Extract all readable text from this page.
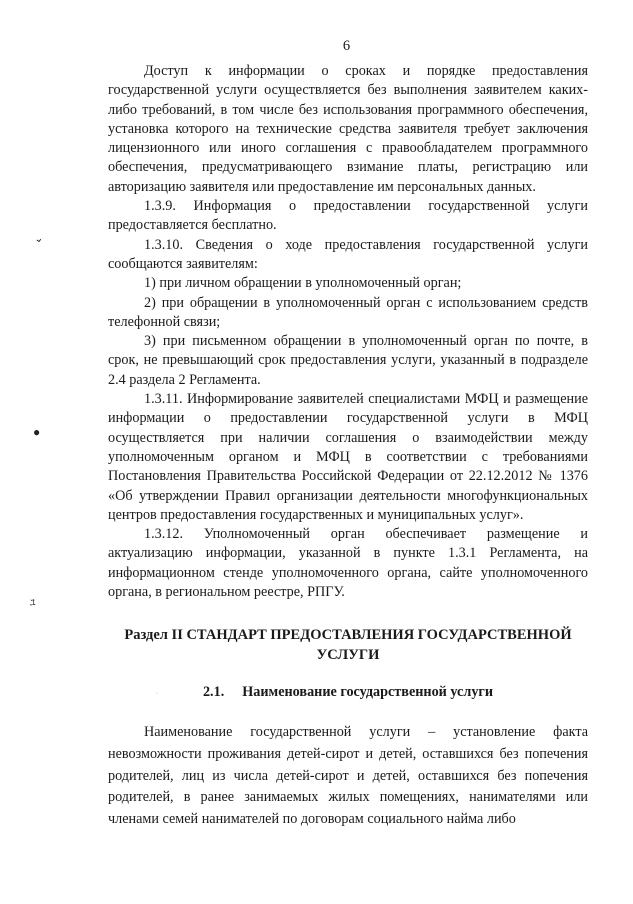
6

Доступ к информации о сроках и порядке предоставления государственной услуги осуществляется без выполнения заявителем каких-либо требований, в том числе без использования программного обеспечения, установка которого на технические средства заявителя требует заключения лицензионного или иного соглашения с правообладателем программного обеспечения, предусматривающего взимание платы, регистрацию или авторизацию заявителя или предоставление им персональных данных.

1.3.9. Информация о предоставлении государственной услуги предоставляется бесплатно.

1.3.10. Сведения о ходе предоставления государственной услуги сообщаются заявителям:

1) при личном обращении в уполномоченный орган;

2) при обращении в уполномоченный орган с использованием средств телефонной связи;

3) при письменном обращении в уполномоченный орган по почте, в срок, не превышающий срок предоставления услуги, указанный в подразделе 2.4 раздела 2 Регламента.

1.3.11. Информирование заявителей специалистами МФЦ и размещение информации о предоставлении государственной услуги в МФЦ осуществляется при наличии соглашения о взаимодействии между уполномоченным органом и МФЦ в соответствии с требованиями Постановления Правительства Российской Федерации от 22.12.2012 № 1376 «Об утверждении Правил организации деятельности многофункциональных центров предоставления государственных и муниципальных услуг».

1.3.12. Уполномоченный орган обеспечивает размещение и актуализацию информации, указанной в пункте 1.3.1 Регламента, на информационном стенде уполномоченного органа, сайте уполномоченного органа, в региональном реестре, РПГУ.

Раздел II СТАНДАРТ ПРЕДОСТАВЛЕНИЯ ГОСУДАРСТВЕННОЙ УСЛУГИ
2.1. Наименование государственной услуги

Наименование государственной услуги – установление факта невозможности проживания детей-сирот и детей, оставшихся без попечения родителей, лиц из числа детей-сирот и детей, оставшихся без попечения родителей, в ранее занимаемых жилых помещениях, нанимателями или членами семей нанимателей по договорам социального найма либо

⌄
●
ﾕ
·
